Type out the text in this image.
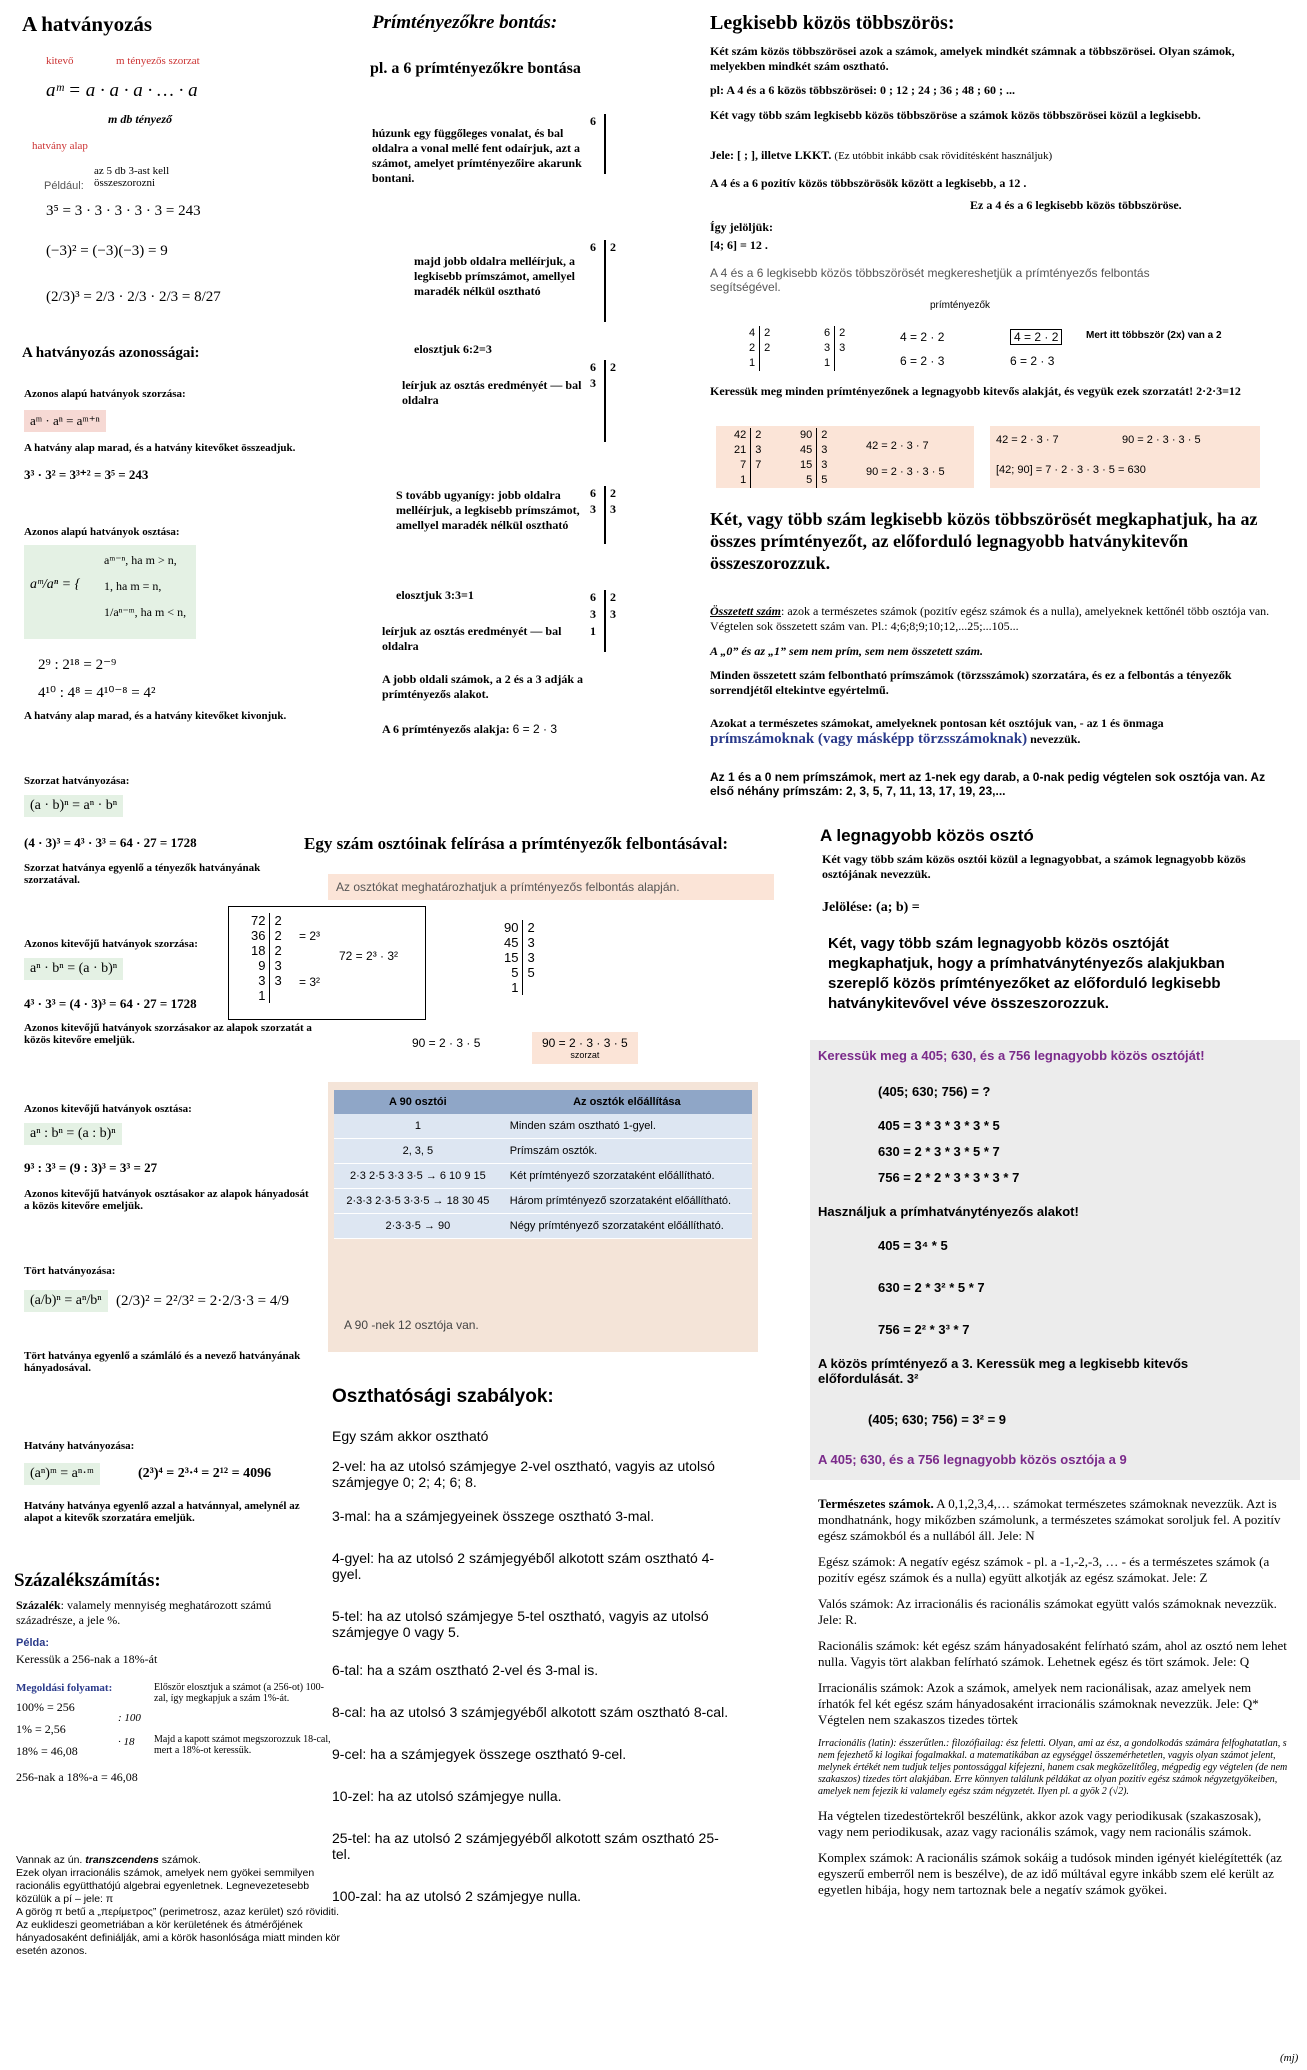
A hatványozás
kitevő	m tényezős szorzat
aᵐ = a · a · a · … · a
m db tényező
hatvány alap
Például:
az 5 db 3-ast kell összeszorozni
3⁵ = 3 · 3 · 3 · 3 · 3 = 243
(−3)² = (−3)(−3) = 9
(2/3)³ = 2/3 · 2/3 · 2/3 = 8/27
A hatványozás azonosságai:
Azonos alapú hatványok szorzása:
aᵐ · aⁿ = aᵐ⁺ⁿ
A hatvány alap marad, és a hatvány kitevőket összeadjuk.
3³ · 3² = 3³⁺² = 3⁵ = 243
Azonos alapú hatványok osztása:
aᵐ/aⁿ = {
aᵐ⁻ⁿ, ha m > n,
1, ha m = n,
1/aⁿ⁻ᵐ, ha m < n,
2⁹ : 2¹⁸ = 2⁻⁹
4¹⁰ : 4⁸ = 4¹⁰⁻⁸ = 4²
A hatvány alap marad, és a hatvány kitevőket kivonjuk.
Szorzat hatványozása:
(a · b)ⁿ = aⁿ · bⁿ
(4 · 3)³ = 4³ · 3³ = 64 · 27 = 1728
Szorzat hatványa egyenlő a tényezők hatványának szorzatával.
Azonos kitevőjű hatványok szorzása:
aⁿ · bⁿ = (a · b)ⁿ
4³ · 3³ = (4 · 3)³ = 64 · 27 = 1728
Azonos kitevőjű hatványok szorzásakor az alapok szorzatát a közös kitevőre emeljük.
Azonos kitevőjű hatványok osztása:
aⁿ : bⁿ = (a : b)ⁿ
9³ : 3³ = (9 : 3)³ = 3³ = 27
Azonos kitevőjű hatványok osztásakor az alapok hányadosát a közös kitevőre emeljük.
Tört hatványozása:
(a/b)ⁿ = aⁿ/bⁿ (2/3)² = 2²/3² = 2·2/3·3 = 4/9
Tört hatványa egyenlő a számláló és a nevező hatványának hányadosával.
Hatvány hatványozása:
(aⁿ)ᵐ = aⁿ·ᵐ	(2³)⁴ = 2³·⁴ = 2¹² = 4096
Hatvány hatványa egyenlő azzal a hatvánnyal, amelynél az alapot a kitevők szorzatára emeljük.
Százalékszámítás:
Százalék: valamely mennyiség meghatározott számú századrésze, a jele %.
Példa:
Keressük a 256-nak a 18%-át
Megoldási folyamat:
100% = 256
1% = 2,56
18% = 46,08
: 100
· 18
Először elosztjuk a számot (a 256-ot) 100-zal, így megkapjuk a szám 1%-át.
Majd a kapott számot megszorozzuk 18-cal, mert a 18%-ot keressük.
256-nak a 18%-a = 46,08
Vannak az ún. transzcendens számok.
Ezek olyan irracionális számok, amelyek nem gyökei semmilyen racionális együtthatójú algebrai egyenletnek. Legnevezetesebb közülük a pí – jele: π
A görög π betű a „περίμετρος” (perimetrosz, azaz kerület) szó röviditi.
Az euklideszi geometriában a kör kerületének és átmérőjének hányadosaként definiálják, ami a körök hasonlósága miatt minden kör esetén azonos.
Prímtényezőkre bontás:
pl. a 6 prímtényezőkre bontása
húzunk egy függőleges vonalat, és bal oldalra a vonal mellé fent odaírjuk, azt a számot, amelyet prímtényezőire akarunk bontani.
6
majd jobb oldalra melléírjuk, a legkisebb prímszámot, amellyel maradék nélkül osztható
6 2
elosztjuk 6:2=3
6 2
3
leírjuk az osztás eredményét — bal oldalra
S tovább ugyanígy: jobb oldalra melléírjuk, a legkisebb prímszámot, amellyel maradék nélkül osztható
6 2
3 3
elosztjuk 3:3=1	6 2
3 3
1
leírjuk az osztás eredményét — bal oldalra
A jobb oldali számok, a 2 és a 3 adják a prímtényezős alakot.
A 6 prímtényezős alakja: 6 = 2 · 3
Egy szám osztóinak felírása a prímtényezők felbontásával:
Az osztókat meghatározhatjuk a prímtényezős felbontás alapján.
72	2
36	2
18	2
9	3
3	3
1	
= 2³
= 3²
72 = 2³ · 3²
90	2
45	3
15	3
5	5
1	
90 = 2 · 3 · 5	90 = 2 · 3 · 3 · 5
szorzat
A 90 osztói	Az osztók előállítása
1	Minden szám osztható 1-gyel.
2, 3, 5	Prímszám osztók.
2·3 2·5 3·3 3·5 → 6 10 9 15	Két prímtényező szorzataként előállítható.
2·3·3 2·3·5 3·3·5 → 18 30 45	Három prímtényező szorzataként előállítható.
2·3·3·5 → 90	Négy prímtényező szorzataként előállítható.
A 90 -nek 12 osztója van.
Oszthatósági szabályok:

Egy szám akkor osztható

2-vel: ha az utolsó számjegye 2-vel osztható, vagyis az utolsó számjegye 0; 2; 4; 6; 8.

3-mal: ha a számjegyeinek összege osztható 3-mal.

4-gyel: ha az utolsó 2 számjegyéből alkotott szám osztható 4-gyel.

5-tel: ha az utolsó számjegye 5-tel osztható, vagyis az utolsó számjegye 0 vagy 5.

6-tal: ha a szám osztható 2-vel és 3-mal is.

8-cal: ha az utolsó 3 számjegyéből alkotott szám osztható 8-cal.

9-cel: ha a számjegyek összege osztható 9-cel.

10-zel: ha az utolsó számjegye nulla.

25-tel: ha az utolsó 2 számjegyéből alkotott szám osztható 25-tel.

100-zal: ha az utolsó 2 számjegye nulla.

Legkisebb közös többszörös:
Két szám közös többszörösei azok a számok, amelyek mindkét számnak a többszörösei. Olyan számok, melyekben mindkét szám osztható.
pl: A 4 és a 6 közös többszörösei: 0 ; 12 ; 24 ; 36 ; 48 ; 60 ; ...
Két vagy több szám legkisebb közös többszöröse a számok közös többszörösei közül a legkisebb.
Jele: [ ; ], illetve LKKT. (Ez utóbbit inkább csak rövidítésként használjuk)
A 4 és a 6 pozitív közös többszörösök között a legkisebb, a 12 .
Ez a 4 és a 6 legkisebb közös többszöröse.
Így jelöljük:
[4; 6] = 12 .
A 4 és a 6 legkisebb közös többszörösét megkereshetjük a prímtényezős felbontás segítségével.
prímtényezők
4	2
2	2
1	
6	2
3	3
1	
4 = 2 · 2
6 = 2 · 3
4 = 2 · 2
6 = 2 · 3
Mert itt többször (2x) van a 2
Keressük meg minden prímtényezőnek a legnagyobb kitevős alakját, és vegyük ezek szorzatát! 2·2·3=12
42	2
21	3
7	7
1	
90	2
45	3
15	3
5	5
42 = 2 · 3 · 7
90 = 2 · 3 · 3 · 5
42 = 2 · 3 · 7	90 = 2 · 3 · 3 · 5
[42; 90] = 7 · 2 · 3 · 3 · 5 = 630
Két, vagy több szám legkisebb közös többszörösét megkaphatjuk, ha az összes prímtényezőt, az előforduló legnagyobb hatványkitevőn összeszorozzuk.
Összetett szám: azok a természetes számok (pozitív egész számok és a nulla), amelyeknek kettőnél több osztója van. Végtelen sok összetett szám van. Pl.: 4;6;8;9;10;12,...25;...105...
A „0” és az „1” sem nem prím, sem nem összetett szám.
Minden összetett szám felbontható prímszámok (törzsszámok) szorzatára, és ez a felbontás a tényezők sorrendjétől eltekintve egyértelmű.
Azokat a természetes számokat, amelyeknek pontosan két osztójuk van, - az 1 és önmaga
prímszámoknak (vagy másképp törzsszámoknak) nevezzük.
Az 1 és a 0 nem prímszámok, mert az 1-nek egy darab, a 0-nak pedig végtelen sok osztója van. Az első néhány prímszám: 2, 3, 5, 7, 11, 13, 17, 19, 23,...
A legnagyobb közös osztó
Két vagy több szám közös osztói közül a legnagyobbat, a számok legnagyobb közös osztójának nevezzük.
Jelölése: (a; b) =
Két, vagy több szám legnagyobb közös osztóját megkaphatjuk, hogy a prímhatványtényezős alakjukban szereplő közös prímtényezőket az előforduló legkisebb hatványkitevővel véve összeszorozzuk.
Keressük meg a 405; 630, és a 756 legnagyobb közös osztóját!
(405; 630; 756) = ?
405 = 3 * 3 * 3 * 3 * 5
630 = 2 * 3 * 3 * 5 * 7
756 = 2 * 2 * 3 * 3 * 3 * 7
Használjuk a prímhatványtényezős alakot!
405 = 3⁴ * 5
630 = 2 * 3² * 5 * 7
756 = 2² * 3³ * 7
A közös prímtényező a 3. Keressük meg a legkisebb kitevős előfordulását. 3²
(405; 630; 756) = 3² = 9
A 405; 630, és a 756 legnagyobb közös osztója a 9

Természetes számok. A 0,1,2,3,4,… számokat természetes számoknak nevezzük. Azt is mondhatnánk, hogy mikőzben számolunk, a természetes számokat soroljuk fel. A pozitív egész számokból és a nullából áll. Jele: N

Egész számok: A negatív egész számok - pl. a -1,-2,-3, … - és a természetes számok (a pozitív egész számok és a nulla) együtt alkotják az egész számokat. Jele: Z

Valós számok: Az irracionális és racionális számokat együtt valós számoknak nevezzük. Jele: R.

Racionális számok: két egész szám hányadosaként felírható szám, ahol az osztó nem lehet nulla. Vagyis tört alakban felírható számok. Lehetnek egész és tört számok. Jele: Q

Irracionális számok: Azok a számok, amelyek nem racionálisak, azaz amelyek nem írhatók fel két egész szám hányadosaként irracionális számoknak nevezzük. Jele: Q* Végtelen nem szakaszos tizedes törtek

Irracionális (latin): ésszerűtlen.: filozófiailag: ész feletti. Olyan, ami az ész, a gondolkodás számára felfoghatatlan, s nem fejezhető ki logikai fogalmakkal. a matematikában az egységgel összemérhetetlen, vagyis olyan számot jelent, melynek értékét nem tudjuk teljes pontossággal kifejezni, hanem csak megközelítőleg, mégpedig egy végtelen (de nem szakaszos) tizedes tört alakjában. Erre könnyen találunk példákat az olyan pozitív egész számok négyzetgyökeiben, amelyek nem fejezik ki valamely egész szám négyzetét. Ilyen pl. a gyök 2 (√2).

Ha végtelen tizedestörtekről beszélünk, akkor azok vagy periodikusak (szakaszosak), vagy nem periodikusak, azaz vagy racionális számok, vagy nem racionális számok.

Komplex számok: A racionális számok sokáig a tudósok minden igényét kielégítették (az egyszerű emberről nem is beszélve), de az idő múltával egyre inkább szem elé került az egyetlen hibája, hogy nem tartoznak bele a negatív számok gyökei.

(mj)
